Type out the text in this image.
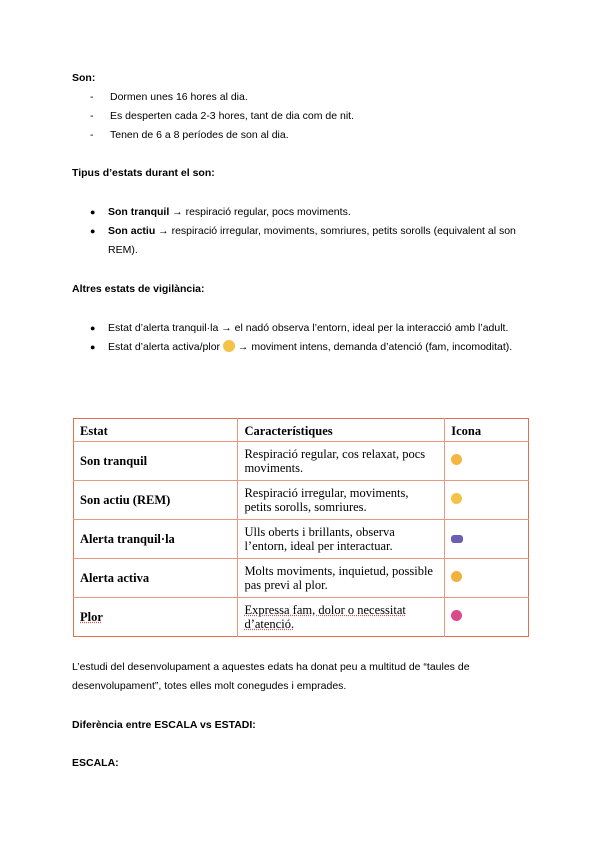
Son:
- Dormen unes 16 hores al dia.
- Es desperten cada 2-3 hores, tant de dia com de nit.
- Tenen de 6 a 8 períodes de son al dia.
Tipus d’estats durant el son:
● Son tranquil → respiració regular, pocs moviments.
● Son actiu → respiració irregular, moviments, somriures, petits sorolls (equivalent al son REM).
Altres estats de vigilància:
● Estat d’alerta tranquil·la → el nadó observa l’entorn, ideal per la interacció amb l’adult.
● Estat d’alerta activa/plor  → moviment intens, demanda d’atenció (fam, incomoditat).
Estat	Característiques	Icona
Son tranquil	Respiració regular, cos relaxat, pocs moviments.	
Son actiu (REM)	Respiració irregular, moviments, petits sorolls, somriures.	
Alerta tranquil·la	Ulls oberts i brillants, observa l’entorn, ideal per interactuar.	
Alerta activa	Molts moviments, inquietud, possible pas previ al plor.	
Plor	Expressa fam, dolor o necessitat d’atenció.	
L’estudi del desenvolupament a aquestes edats ha donat peu a multitud de “taules de desenvolupament”, totes elles molt conegudes i emprades.
Diferència entre ESCALA vs ESTADI:
ESCALA:
